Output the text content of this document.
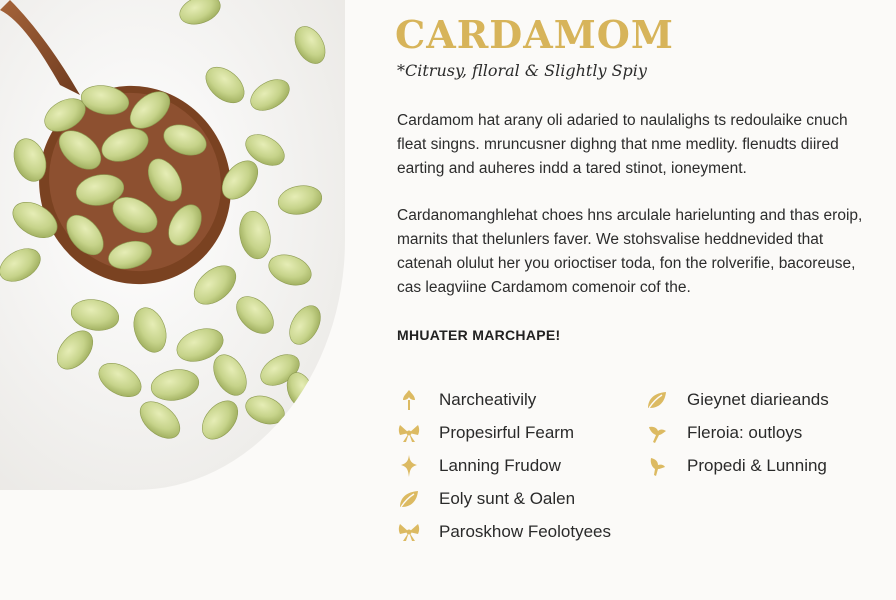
CARDAMOM
*Citrusy, flloral & Slightly Spiy

Cardamom hat arany oli adaried to naulalighs ts redoulaike cnuch fleat singns. mruncusner dighng that nme medlity. flenudts diired earting and auheres indd a tared stinot, ioneyment.

Cardanomanghlehat choes hns arculale harielunting and thas eroip, marnits that thelunlers faver. We stohsvalise heddnevided that catenah olulut her you orioctiser toda, fon the rolverifie, bacoreuse, cas leagviine Cardamom comenoir cof the.

MHUATER MARCHAPE!
Narcheativily
Propesirful Fearm
Lanning Frudow
Eoly sunt & Oalen
Paroskhow Feolotyees
Gieynet diarieands
Fleroia: outloys
Propedi & Lunning
